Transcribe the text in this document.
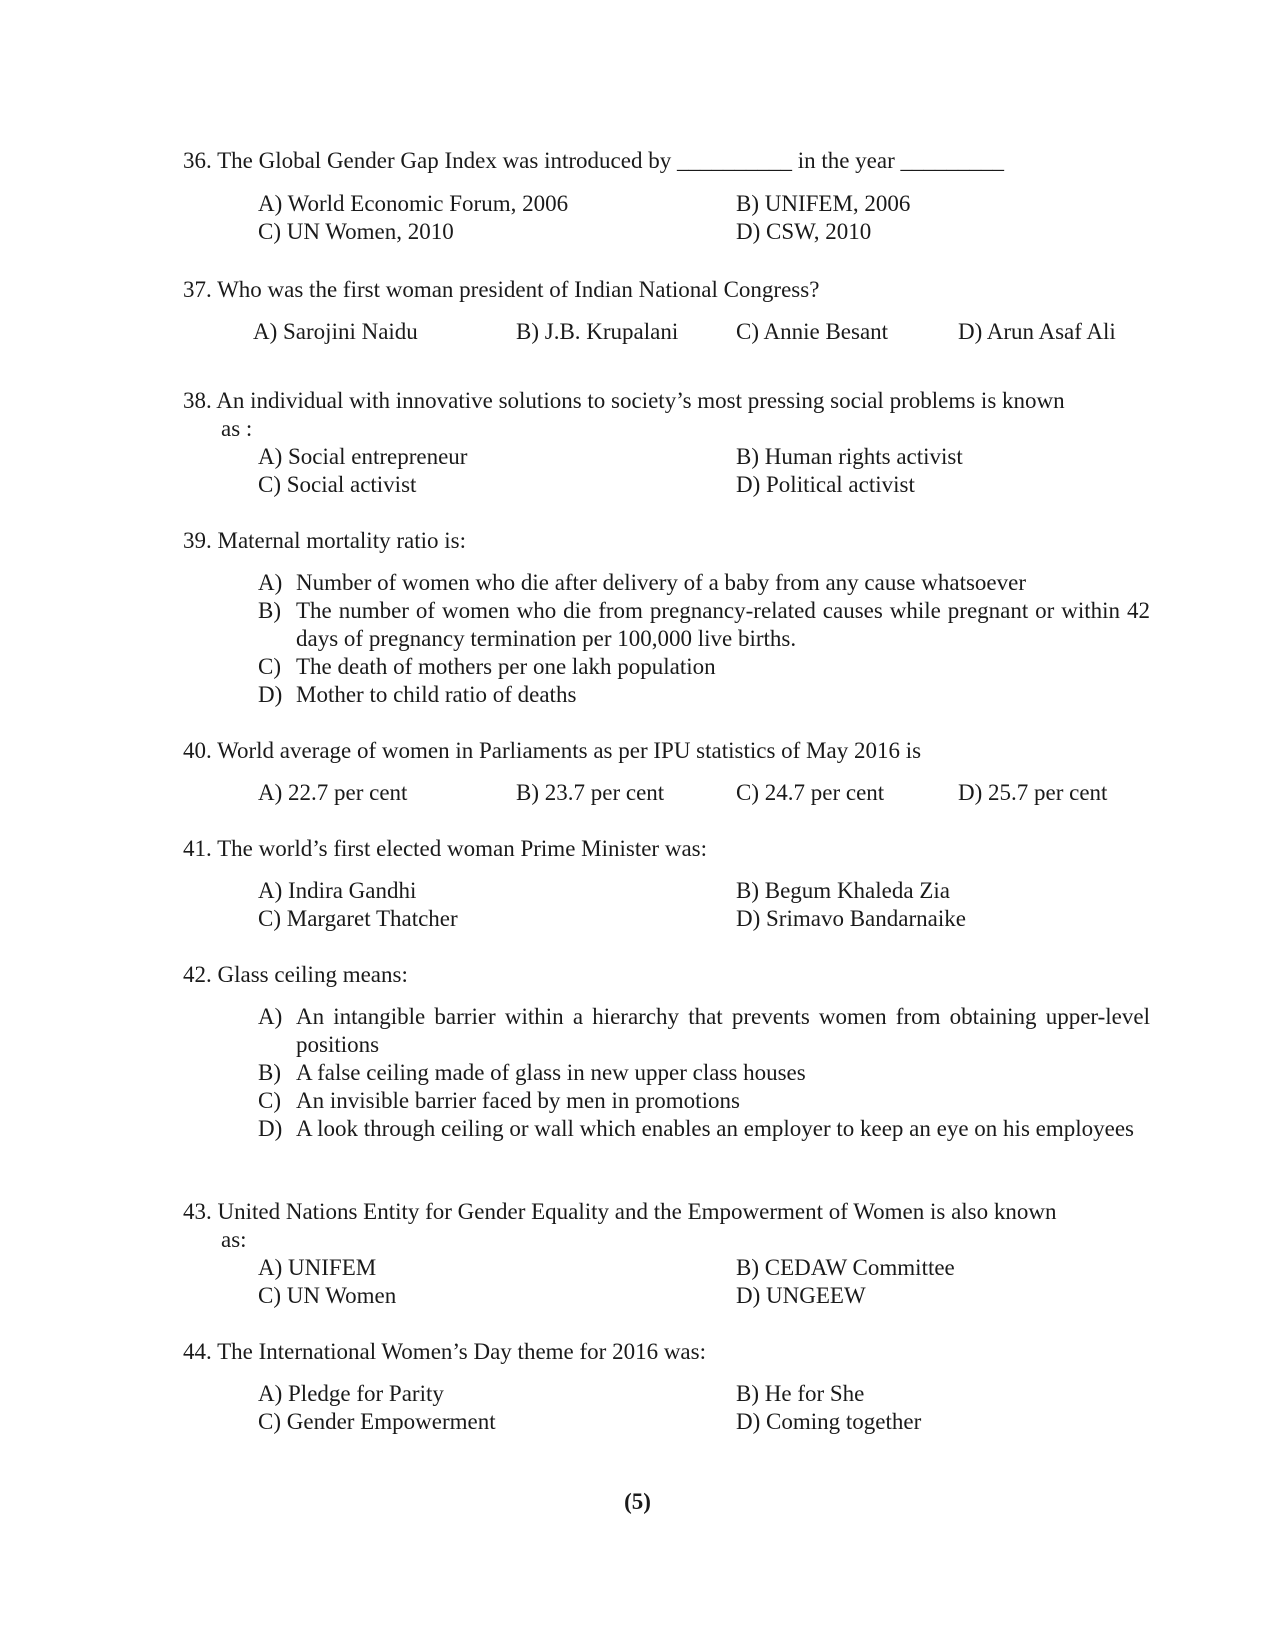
36. The Global Gender Gap Index was introduced by __________ in the year _________
A) World Economic Forum, 2006	B) UNIFEM, 2006
C) UN Women, 2010	D) CSW, 2010
37. Who was the first woman president of Indian National Congress?
A) Sarojini Naidu	B) J.B. Krupalani	C) Annie Besant	D) Arun Asaf Ali
38. An individual with innovative solutions to society’s most pressing social problems is known
as :
A) Social entrepreneur	B) Human rights activist
C) Social activist	D) Political activist
39. Maternal mortality ratio is:
A) Number of women who die after delivery of a baby from any cause whatsoever
B) The number of women who die from pregnancy-related causes while pregnant or within 42 days of pregnancy termination per 100,000 live births.
C) The death of mothers per one lakh population
D) Mother to child ratio of deaths
40. World average of women in Parliaments as per IPU statistics of May 2016 is
A) 22.7 per cent	B) 23.7 per cent	C) 24.7 per cent	D) 25.7 per cent
41. The world’s first elected woman Prime Minister was:
A) Indira Gandhi	B) Begum Khaleda Zia
C) Margaret Thatcher	D) Srimavo Bandarnaike
42. Glass ceiling means:
A) An intangible barrier within a hierarchy that prevents women from obtaining upper-level positions
B) A false ceiling made of glass in new upper class houses
C) An invisible barrier faced by men in promotions
D) A look through ceiling or wall which enables an employer to keep an eye on his employees
43. United Nations Entity for Gender Equality and the Empowerment of Women is also known
as:
A) UNIFEM	B) CEDAW Committee
C) UN Women	D) UNGEEW
44. The International Women’s Day theme for 2016 was:
A) Pledge for Parity	B) He for She
C) Gender Empowerment	D) Coming together
(5)
